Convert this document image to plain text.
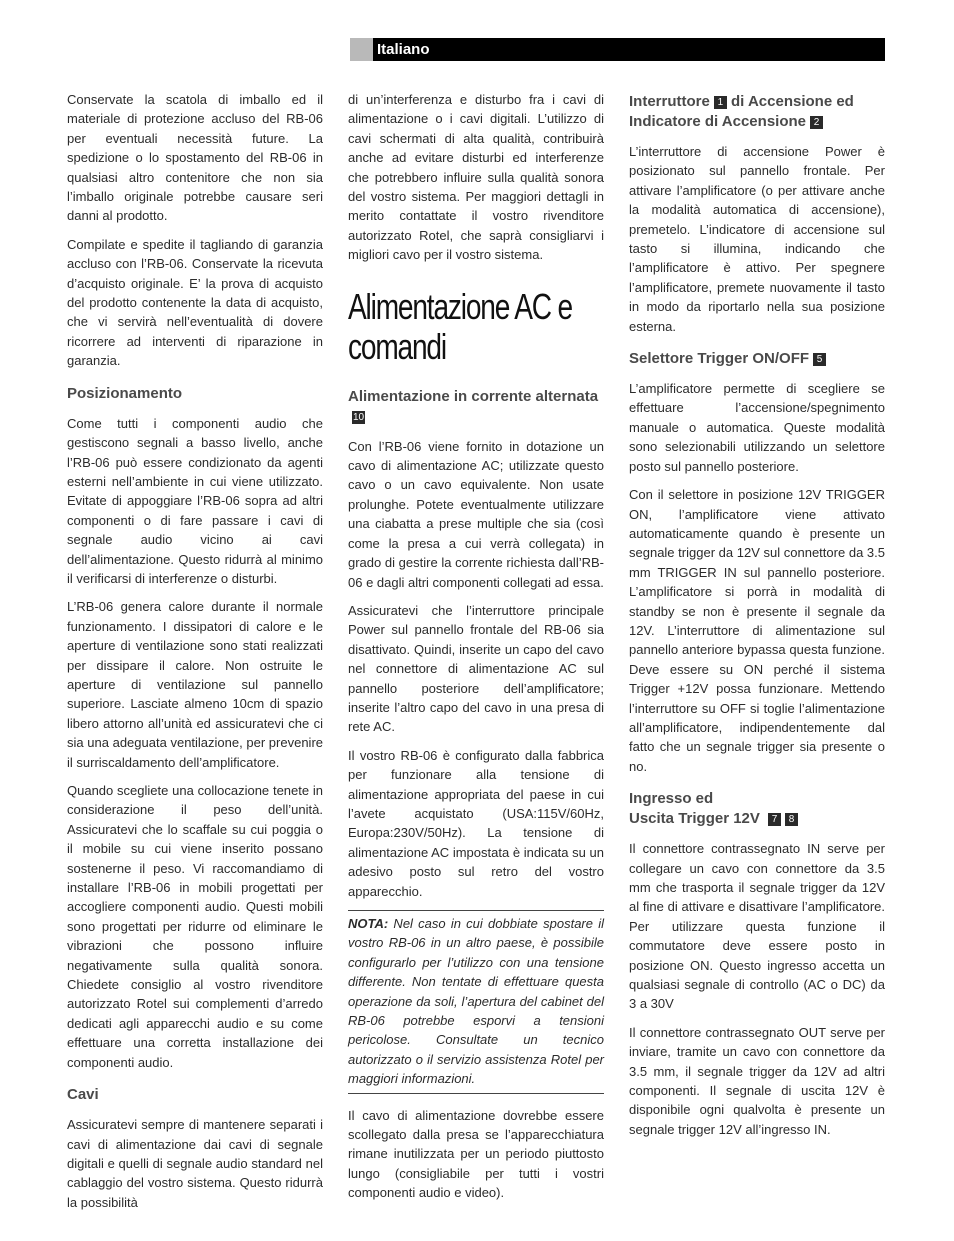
Italiano

Conservate la scatola di imballo ed il materiale di protezione accluso del RB-06 per eventuali necessità future. La spedizione o lo spostamento del RB-06 in qualsiasi altro contenitore che non sia l’imballo originale potrebbe causare seri danni al prodotto.

Compilate e spedite il tagliando di garanzia accluso con l’RB-06. Conservate la ricevuta d’acquisto originale. E’ la prova di acquisto del prodotto contenente la data di acquisto, che vi servirà nell’eventualità di dovere ricorrere ad interventi di riparazione in garanzia.

Posizionamento

Come tutti i componenti audio che gestiscono segnali a basso livello, anche l’RB-06 può essere condizionato da agenti esterni nell’ambiente in cui viene utilizzato. Evitate di appoggiare l’RB-06 sopra ad altri componenti o di fare passare i cavi di segnale audio vicino ai cavi dell’alimentazione. Questo ridurrà al minimo il verificarsi di interferenze o disturbi.

L’RB-06 genera calore durante il normale funzionamento. I dissipatori di calore e le aperture di ventilazione sono stati realizzati per dissipare il calore. Non ostruite le aperture di ventilazione sul pannello superiore. Lasciate almeno 10cm di spazio libero attorno all’unità ed assicuratevi che ci sia una adeguata ventilazione, per prevenire il surriscaldamento dell’amplificatore.

Quando scegliete una collocazione tenete in considerazione il peso dell’unità. Assicuratevi che lo scaffale su cui poggia o il mobile su cui viene inserito possano sostenerne il peso. Vi raccomandiamo di installare l’RB-06 in mobili progettati per accogliere componenti audio. Questi mobili sono progettati per ridurre od eliminare le vibrazioni che possono influire negativamente sulla qualità sonora. Chiedete consiglio al vostro rivenditore autorizzato Rotel sui complementi d’arredo dedicati agli apparecchi audio e su come effettuare una corretta installazione dei componenti audio.

Cavi

Assicuratevi sempre di mantenere separati i cavi di alimentazione dai cavi di segnale digitali e quelli di segnale audio standard nel cablaggio del vostro sistema. Questo ridurrà la possibilità

di un’interferenza e disturbo fra i cavi di alimentazione o i cavi digitali. L’utilizzo di cavi schermati di alta qualità, contribuirà anche ad evitare disturbi ed interferenze che potrebbero influire sulla qualità sonora del vostro sistema. Per maggiori dettagli in merito contattate il vostro rivenditore autorizzato Rotel, che saprà consigliarvi i migliori cavo per il vostro sistema.

Alimentazione AC e comandi
Alimentazione in corrente alternata10

Con l’RB-06 viene fornito in dotazione un cavo di alimentazione AC; utilizzate questo cavo o un cavo equivalente. Non usate prolunghe. Potete eventualmente utilizzare una ciabatta a prese multiple che sia (così come la presa a cui verrà collegata) in grado di gestire la corrente richiesta dall’RB-06 e dagli altri componenti collegati ad essa.

Assicuratevi che l’interruttore principale Power sul pannello frontale del RB-06 sia disattivato. Quindi, inserite un capo del cavo nel connettore di alimentazione AC sul pannello posteriore dell’amplificatore; inserite l’altro capo del cavo in una presa di rete AC.

Il vostro RB-06 è configurato dalla fabbrica per funzionare alla tensione di alimentazione appropriata del paese in cui l’avete acquistato (USA:115V/60Hz, Europa:230V/50Hz). La tensione di alimentazione AC impostata è indicata su un adesivo posto sul retro del vostro apparecchio.

NOTA: Nel caso in cui dobbiate spostare il vostro RB-06 in un altro paese, è possibile configurarlo per l’utilizzo con una tensione differente. Non tentate di effettuare questa operazione da soli, l’apertura del cabinet del RB-06 potrebbe esporvi a tensioni pericolose. Consultate un tecnico autorizzato o il servizio assistenza Rotel per maggiori informazioni.

Il cavo di alimentazione dovrebbe essere scollegato dalla presa se l’apparecchiatura rimane inutilizzata per un periodo piuttosto lungo (consigliabile per tutti i vostri componenti audio e video).

Interruttore 1 di Accensione ed Indicatore di Accensione 2

L’interruttore di accensione Power è posizionato sul pannello frontale. Per attivare l’amplificatore (o per attivare anche la modalità automatica di accensione), premetelo. L’indicatore di accensione sul tasto si illumina, indicando che l’amplificatore è attivo. Per spegnere l’amplificatore, premete nuovamente il tasto in modo da riportarlo nella sua posizione esterna.

Selettore Trigger ON/OFF 5

L’amplificatore permette di scegliere se effettuare l’accensione/spegnimento manuale o automatica. Queste modalità sono selezionabili utilizzando un selettore posto sul pannello posteriore.

Con il selettore in posizione 12V TRIGGER ON, l’amplificatore viene attivato automaticamente quando è presente un segnale trigger da 12V sul connettore da 3.5 mm TRIGGER IN sul pannello posteriore. L’amplificatore si porrà in modalità di standby se non è presente il segnale da 12V. L’interruttore di alimentazione sul pannello anteriore bypassa questa funzione. Deve essere su ON perché il sistema Trigger +12V possa funzionare. Mettendo l’interruttore su OFF si toglie l’alimentazione all’amplificatore, indipendentemente dal fatto che un segnale trigger sia presente o no.

Ingresso ed
Uscita Trigger 12V 7 8

Il connettore contrassegnato IN serve per collegare un cavo con connettore da 3.5 mm che trasporta il segnale trigger da 12V al fine di attivare e disattivare l’amplificatore. Per utilizzare questa funzione il commutatore deve essere posto in posizione ON. Questo ingresso accetta un qualsiasi segnale di controllo (AC o DC) da 3 a 30V

Il connettore contrassegnato OUT serve per inviare, tramite un cavo con connettore da 3.5 mm, il segnale trigger da 12V ad altri componenti. Il segnale di uscita 12V è disponibile ogni qualvolta è presente un segnale trigger 12V all’ingresso IN.
